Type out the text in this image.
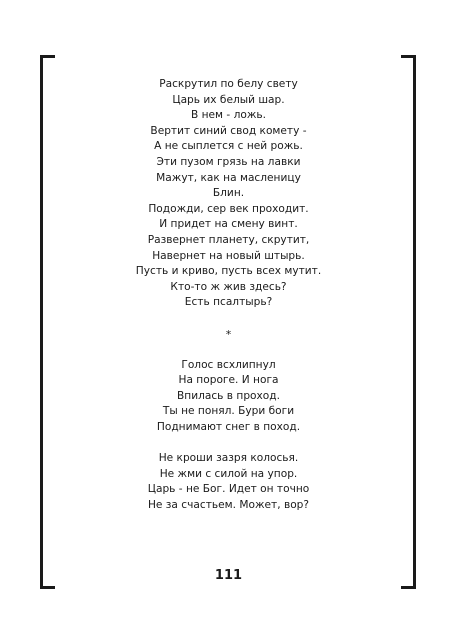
Раскрутил по белу свету
Царь их белый шар.
В нем - ложь.
Вертит синий свод комету -
А не сыплется с ней рожь.
Эти пузом грязь на лавки
Мажут, как на масленицу
Блин.
Подожди, сер век проходит.
И придет на смену винт.
Развернет планету, скрутит,
Навернет на новый штырь.
Пусть и криво, пусть всех мутит.
Кто-то ж жив здесь?
Есть псалтырь?
*
Голос всхлипнул
На пороге. И нога
Впилась в проход.
Ты не понял. Бури боги
Поднимают снег в поход.
Не кроши зазря колосья.
Не жми с силой на упор.
Царь - не Бог. Идет он точно
Не за счастьем. Может, вор?
111
